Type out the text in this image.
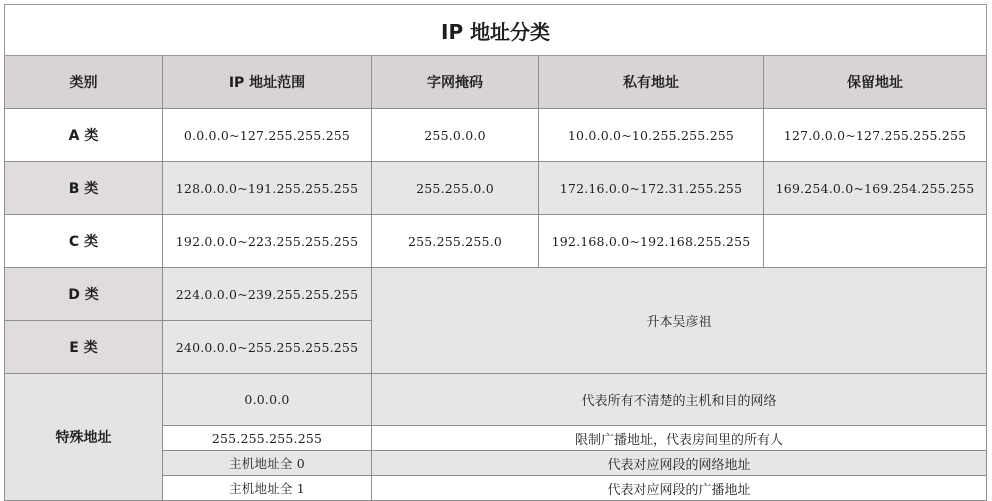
IP 地址分类				
类别	IP 地址范围	字网掩码	私有地址	保留地址
A 类	0.0.0.0~127.255.255.255	255.0.0.0	10.0.0.0~10.255.255.255	127.0.0.0~127.255.255.255
B 类	128.0.0.0~191.255.255.255	255.255.0.0	172.16.0.0~172.31.255.255	169.254.0.0~169.254.255.255
C 类	192.0.0.0~223.255.255.255	255.255.255.0	192.168.0.0~192.168.255.255	
D 类	224.0.0.0~239.255.255.255	升本吴彦祖		
E 类	240.0.0.0~255.255.255.255			
特殊地址	0.0.0.0	代表所有不清楚的主机和目的网络		
	255.255.255.255	限制广播地址，代表房间里的所有人		
	主机地址全 0	代表对应网段的网络地址		
	主机地址全 1	代表对应网段的广播地址		
